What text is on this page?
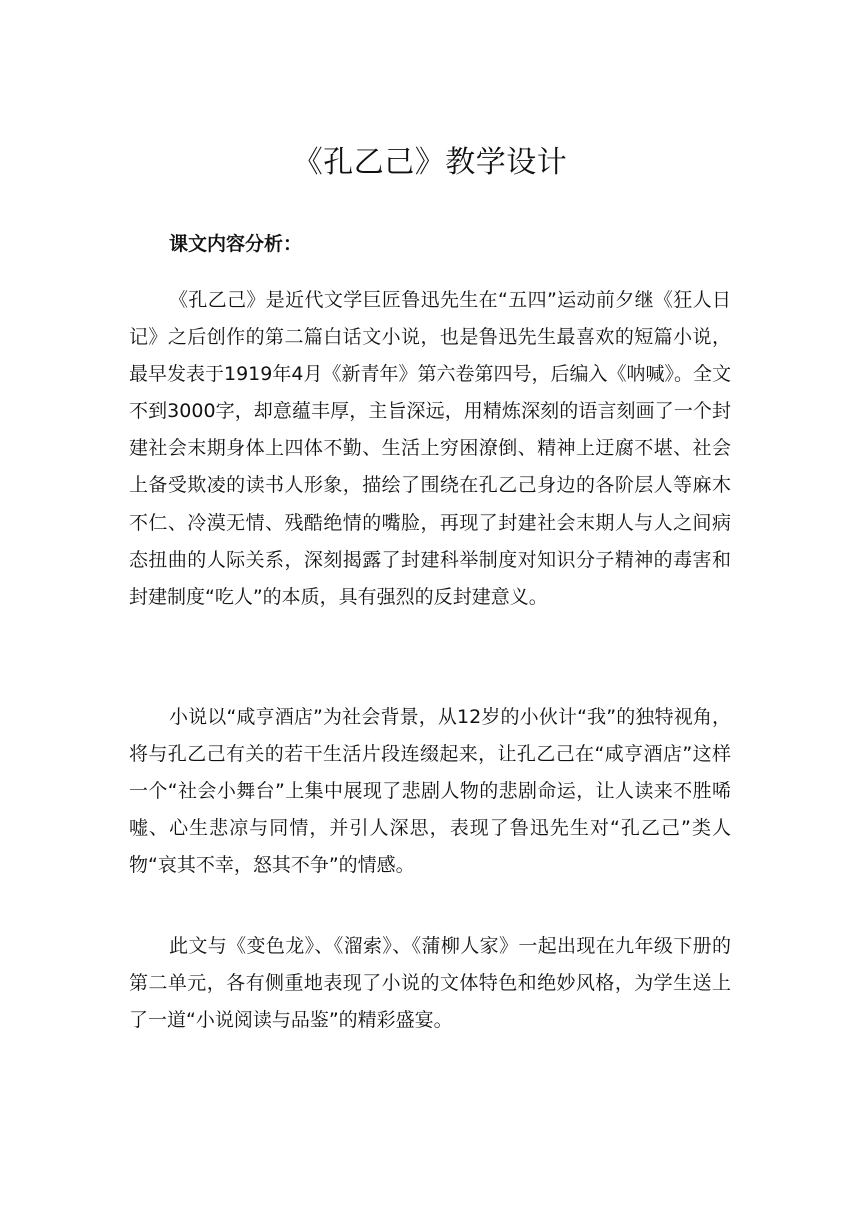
《孔乙己》教学设计
课文内容分析：

《孔乙己》是近代文学巨匠鲁迅先生在“五四”运动前夕继《狂人日记》之后创作的第二篇白话文小说，也是鲁迅先生最喜欢的短篇小说，最早发表于1919年4月《新青年》第六卷第四号，后编入《呐喊》。全文不到3000字，却意蕴丰厚，主旨深远，用精炼深刻的语言刻画了一个封建社会末期身体上四体不勤、生活上穷困潦倒、精神上迂腐不堪、社会上备受欺凌的读书人形象，描绘了围绕在孔乙己身边的各阶层人等麻木不仁、冷漠无情、残酷绝情的嘴脸，再现了封建社会末期人与人之间病态扭曲的人际关系，深刻揭露了封建科举制度对知识分子精神的毒害和封建制度“吃人”的本质，具有强烈的反封建意义。

小说以“咸亨酒店”为社会背景，从12岁的小伙计“我”的独特视角，将与孔乙己有关的若干生活片段连缀起来，让孔乙己在“咸亨酒店”这样一个“社会小舞台”上集中展现了悲剧人物的悲剧命运，让人读来不胜唏嘘、心生悲凉与同情，并引人深思，表现了鲁迅先生对“孔乙己”类人物“哀其不幸，怒其不争”的情感。

此文与《变色龙》、《溜索》、《蒲柳人家》一起出现在九年级下册的第二单元，各有侧重地表现了小说的文体特色和绝妙风格，为学生送上了一道“小说阅读与品鉴”的精彩盛宴。
